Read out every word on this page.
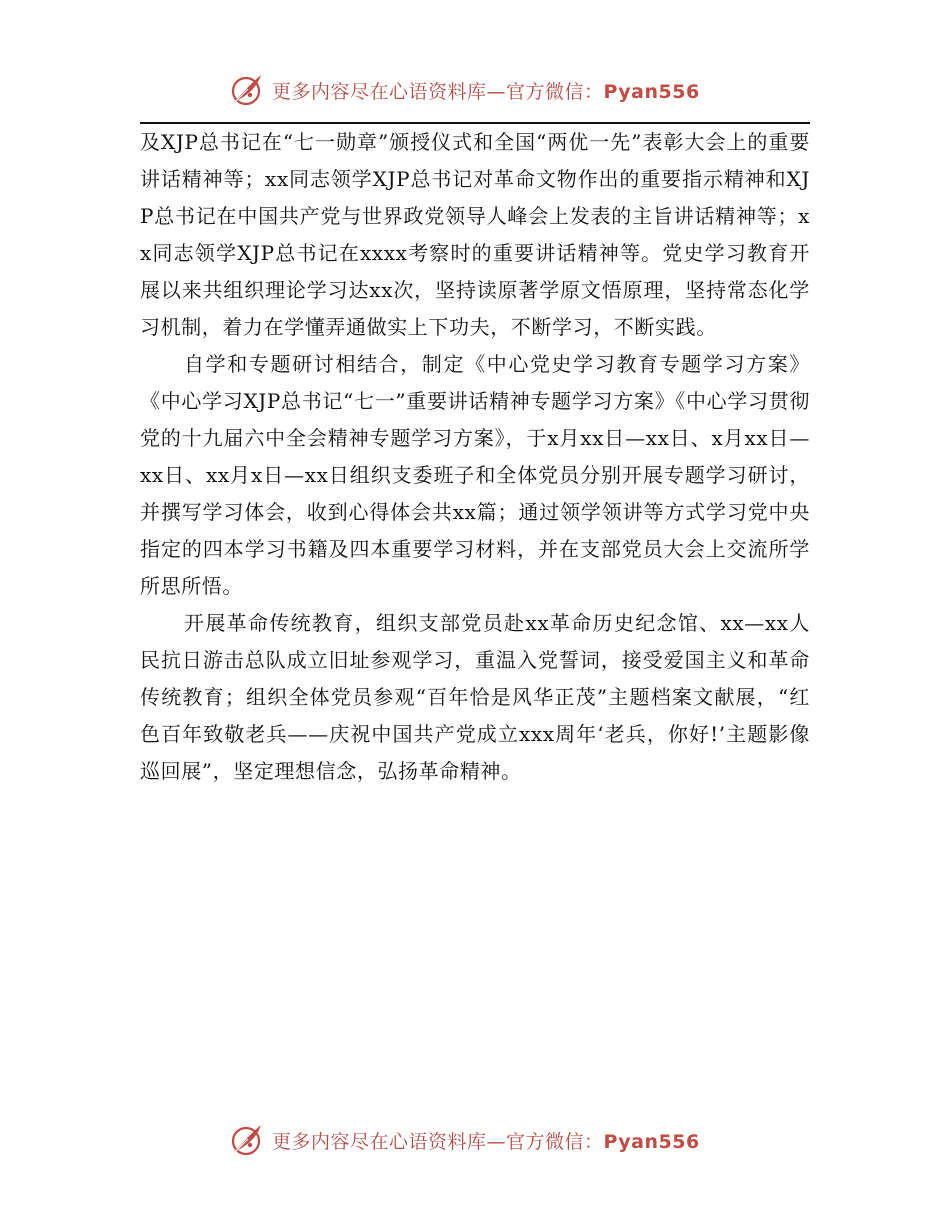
更多内容尽在心语资料库—官方微信：Pyan556

及XJP总书记在“七一勋章”颁授仪式和全国“两优一先”表彰大会上的重要讲话精神等；xx同志领学XJP总书记对革命文物作出的重要指示精神和XJP总书记在中国共产党与世界政党领导人峰会上发表的主旨讲话精神等；xx同志领学XJP总书记在xxxx考察时的重要讲话精神等。党史学习教育开展以来共组织理论学习达xx次，坚持读原著学原文悟原理，坚持常态化学习机制，着力在学懂弄通做实上下功夫，不断学习，不断实践。

自学和专题研讨相结合，制定《中心党史学习教育专题学习方案》《中心学习XJP总书记“七一”重要讲话精神专题学习方案》《中心学习贯彻党的十九届六中全会精神专题学习方案》，于x月xx日—xx日、x月xx日—xx日、xx月x日—xx日组织支委班子和全体党员分别开展专题学习研讨，并撰写学习体会，收到心得体会共xx篇；通过领学领讲等方式学习党中央指定的四本学习书籍及四本重要学习材料，并在支部党员大会上交流所学所思所悟。

开展革命传统教育，组织支部党员赴xx革命历史纪念馆、xx—xx人民抗日游击总队成立旧址参观学习，重温入党誓词，接受爱国主义和革命传统教育；组织全体党员参观“百年恰是风华正茂”主题档案文献展，“红色百年致敬老兵——庆祝中国共产党成立xxx周年‘老兵，你好!’主题影像巡回展”，坚定理想信念，弘扬革命精神。

更多内容尽在心语资料库—官方微信：Pyan556
